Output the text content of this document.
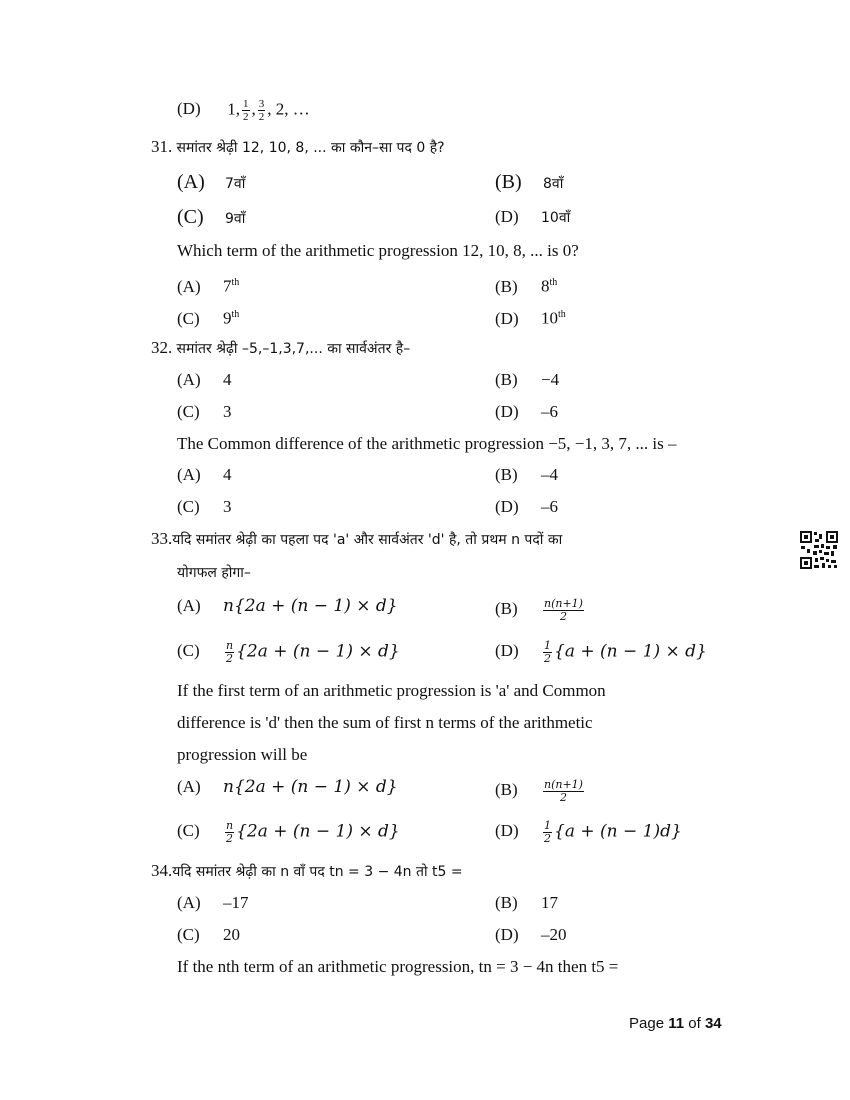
(D) 1, $\frac{1}{2}$ , $\frac{3}{2}$ , 2, …
31. समांतर श्रेढ़ी 12, 10, 8, ... का कौन–सा पद 0 है?
(A) 7वाँ	(B) 8वाँ
(C) 9वाँ	(D) 10वाँ
Which term of the arithmetic progression 12, 10, 8, ... is 0?
(A) 7th	(B) 8th
(C) 9th	(D) 10th
32. समांतर श्रेढ़ी –5,–1,3,7,... का सार्वअंतर है–
(A) 4	(B) −4
(C) 3	(D) –6
The Common difference of the arithmetic progression −5, −1, 3, 7, ... is –
(A) 4	(B) –4
(C) 3	(D) –6
33.यदि समांतर श्रेढ़ी का पहला पद 'a' और सार्वअंतर 'd' है, तो प्रथम n पदों का
योगफल होगा–
(A) n{2a + (n − 1) × d}	$(B) \frac{n(n+1)}{2}$
$(C) \frac{n}{2} \{2a + (n - 1) \times d\}$	$(D) \frac{1}{2} \{a + (n - 1) \times d\}$
If the first term of an arithmetic progression is 'a' and Common
difference is 'd' then the sum of first n terms of the arithmetic
progression will be
(A) n{2a + (n − 1) × d}	$(B) \frac{n(n+1)}{2}$
$(C) \frac{n}{2} \{2a + (n - 1) \times d\}$	$(D) \frac{1}{2} \{a + (n - 1)d\}$
34.यदि समांतर श्रेढ़ी का n वाँ पद tn = 3 − 4n तो t5 =
(A) –17	(B) 17
(C) 20	(D) –20
If the nth term of an arithmetic progression, tn = 3 − 4n then t5 =
Page 11 of 34
